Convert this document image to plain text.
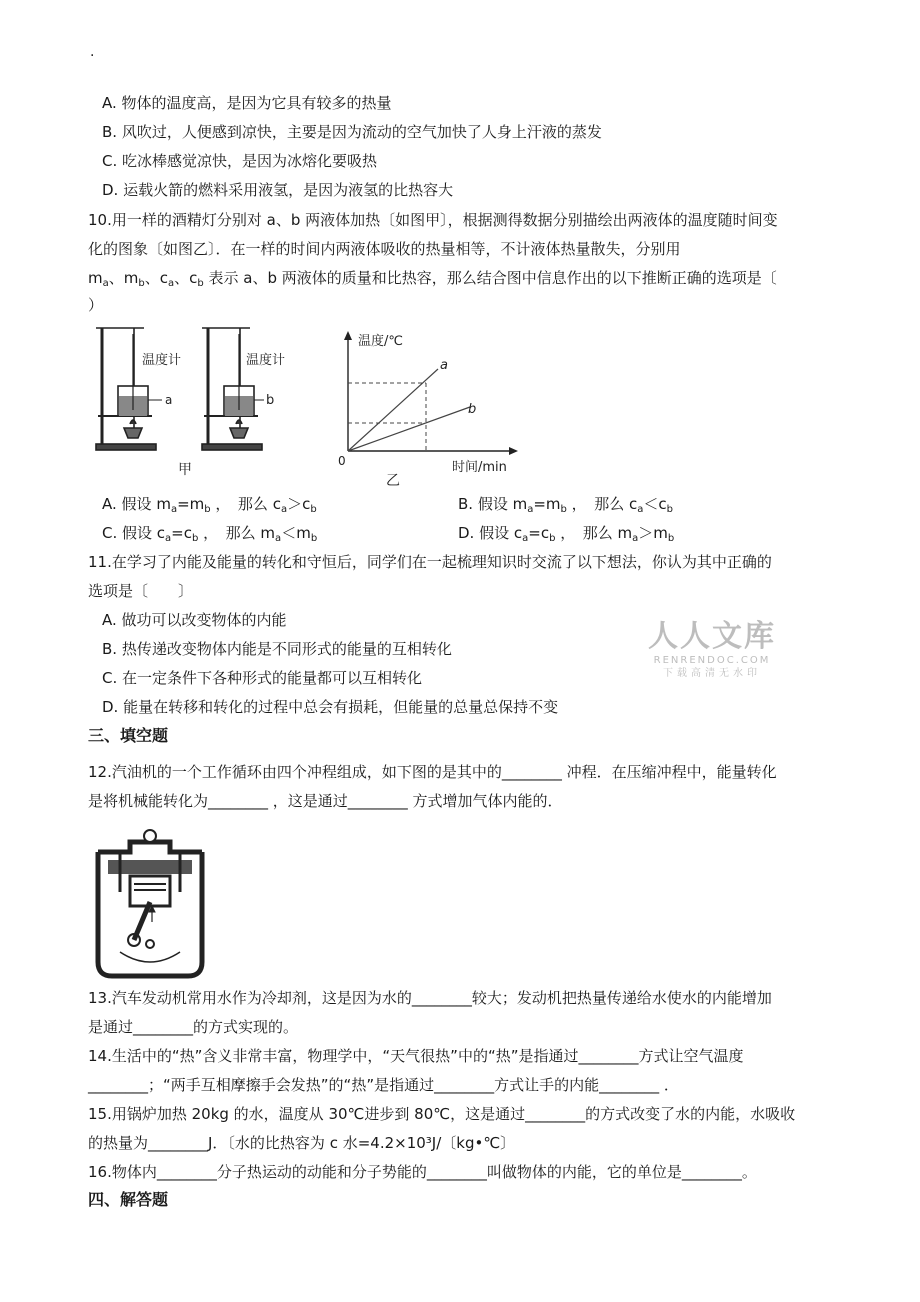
.
A. 物体的温度高，是因为它具有较多的热量
B. 风吹过，人便感到凉快，主要是因为流动的空气加快了人身上汗液的蒸发
C. 吃冰棒感觉凉快，是因为冰熔化要吸热
D. 运载火箭的燃料采用液氢，是因为液氢的比热容大
10.用一样的酒精灯分别对 a、b 两液体加热〔如图甲〕，根据测得数据分别描绘出两液体的温度随时间变
化的图象〔如图乙〕．在一样的时间内两液体吸收的热量相等，不计液体热量散失，分别用
$m_a$、$m_b$、$c_a$、$c_b$ 表示 a、b 两液体的质量和比热容，那么结合图中信息作出的以下推断正确的选项是〔
）
温度计	温度计
a	b
甲
温度/℃
时间/min
0
a
b
乙
A. 假设 $m_a=m_b$ ，　那么 $c_a>c_b$	B. 假设 $m_a=m_b$ ，　那么 $c_a<c_b$
C. 假设 $c_a=c_b$ ，　那么 $m_a<m_b$	D. 假设 $c_a=c_b$ ，　那么 $m_a>m_b$
11.在学习了内能及能量的转化和守恒后，同学们在一起梳理知识时交流了以下想法，你认为其中正确的
选项是〔　　〕
A. 做功可以改变物体的内能
B. 热传递改变物体内能是不同形式的能量的互相转化
C. 在一定条件下各种形式的能量都可以互相转化
D. 能量在转移和转化的过程中总会有损耗，但能量的总量总保持不变
人人文库
RENRENDOC.COM
下载高清无水印
三、填空题
12.汽油机的一个工作循环由四个冲程组成，如下图的是其中的________ 冲程．在压缩冲程中，能量转化
是将机械能转化为________ ，这是通过________ 方式增加气体内能的．
13.汽车发动机常用水作为冷却剂，这是因为水的________较大；发动机把热量传递给水使水的内能增加
是通过________的方式实现的。
14.生活中的“热”含义非常丰富，物理学中，“天气很热”中的“热”是指通过________方式让空气温度
________；“两手互相摩擦手会发热”的“热”是指通过________方式让手的内能________ ．
15.用锅炉加热 20kg 的水，温度从 30℃进步到 80℃，这是通过________的方式改变了水的内能，水吸收
的热量为________J．〔水的比热容为 c 水=4.2×10³J/〔kg•℃〕
16.物体内________分子热运动的动能和分子势能的________叫做物体的内能，它的单位是________。
四、解答题
